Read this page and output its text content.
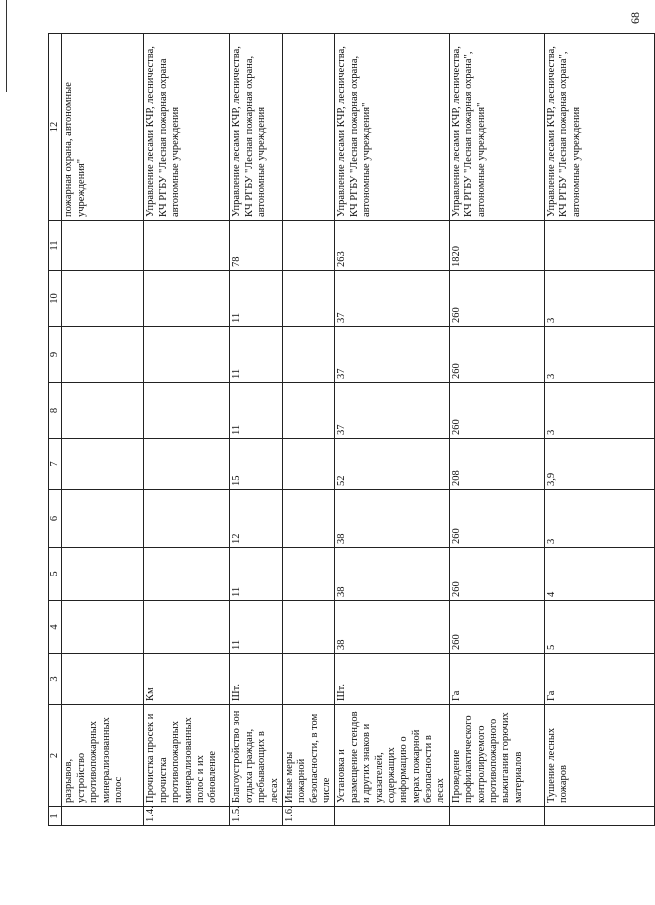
68
1	2	3	4	5	6	7	8	9	10	11	12
	разрывов, устройство противопожарных минерализованных полос										пожарная охрана, автономные учреждения"
1.4.	Прочистка просек и прочистка противопожарных минерализованных полос и их обновление	Км									Управление лесами КЧР, лесничества, КЧ РГБУ "Лесная пожарная охрана автономные учреждения
1.5.	Благоустройство зон отдыха граждан, пребывающих в лесах	Шт.	11	11	12	15	11	11	11	78	Управление лесами КЧР, лесничества, КЧ РГБУ "Лесная пожарная охрана, автономные учреждения
1.6.	Иные меры пожарной безопасности, в том числе										
	Установка и размещение стендов и других знаков и указателей, содержащих информацию о мерах пожарной безопасности в лесах	Шт.	38	38	38	52	37	37	37	263	Управление лесами КЧР, лесничества, КЧ РГБУ "Лесная пожарная охрана, автономные учреждения"
	Проведение профилактического контролируемого противопожарного выжигания горючих материалов	Га	260	260	260	208	260	260	260	1820	Управление лесами КЧР, лесничества, КЧ РГБУ "Лесная пожарная охрана", автономные учреждения"
	Тушение лесных пожаров	Га	5	4	3	3,9	3	3	3		Управление лесами КЧР, лесничества, КЧ РГБУ "Лесная пожарная охрана", автономные учреждения
